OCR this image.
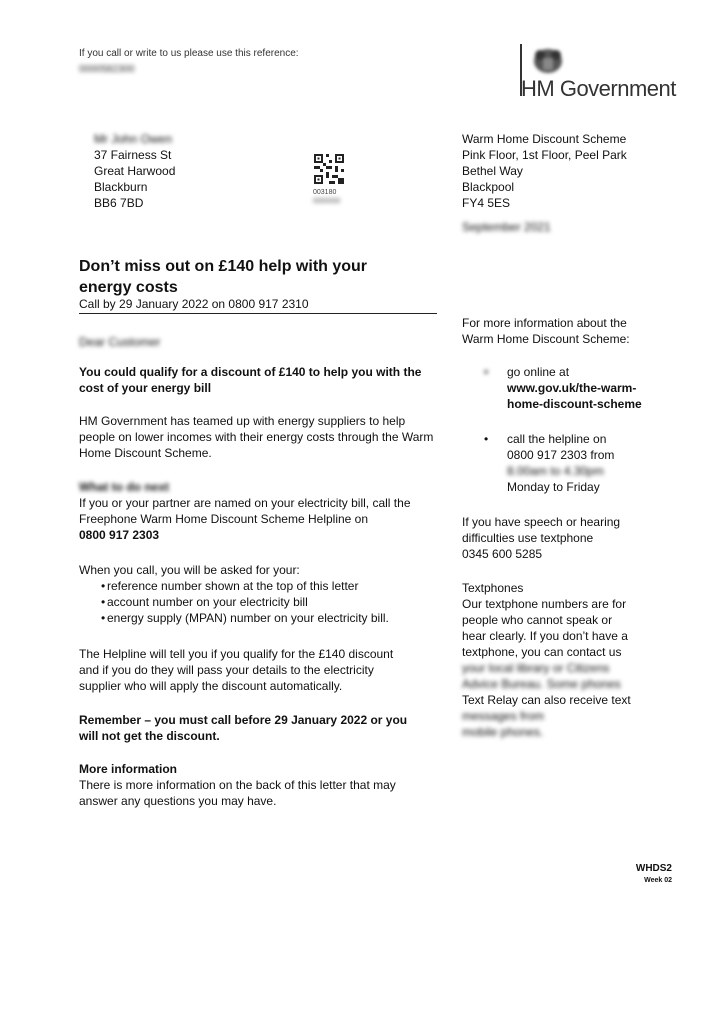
If you call or write to us please use this reference:
0000582300
HM Government
Mr John Owen
37 Fairness St
Great Harwood
Blackburn
BB6 7BD
003180
0000000
Warm Home Discount Scheme
Pink Floor, 1st Floor, Peel Park
Bethel Way
Blackpool
FY4 5ES
September 2021
Don’t miss out on £140 help with your energy costs
Call by 29 January 2022 on 0800 917 2310
Dear Customer
You could qualify for a discount of £140 to help you with the cost of your energy bill
HM Government has teamed up with energy suppliers to help people on lower incomes with their energy costs through the Warm Home Discount Scheme.
What to do next
If you or your partner are named on your electricity bill, call the
Freephone Warm Home Discount Scheme Helpline on
0800 917 2303
When you call, you will be asked for your:
• reference number shown at the top of this letter
• account number on your electricity bill
• energy supply (MPAN) number on your electricity bill.
The Helpline will tell you if you qualify for the £140 discount
and if you do they will pass your details to the electricity
supplier who will apply the discount automatically.
Remember – you must call before 29 January 2022 or you
will not get the discount.
More information
There is more information on the back of this letter that may
answer any questions you may have.
For more information about the
Warm Home Discount Scheme:
•	go online at
www.gov.uk/the-warm-
home-discount-scheme
•	call the helpline on
0800 917 2303 from
8.00am to 4.30pm
Monday to Friday
If you have speech or hearing
difficulties use textphone
0345 600 5285
Textphones
Our textphone numbers are for
people who cannot speak or
hear clearly. If you don’t have a
textphone, you can contact us
your local library or Citizens
Advice Bureau. Some phones
Text Relay can also receive text
messages from
mobile phones.
WHDS2
Week 02
